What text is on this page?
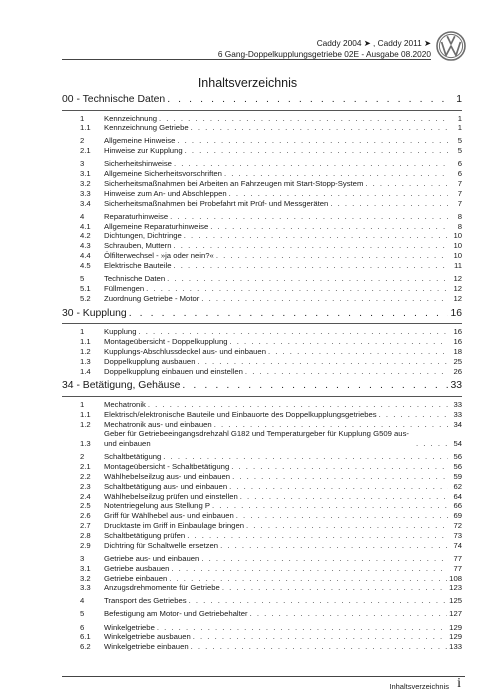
Caddy 2004 ➤ , Caddy 2011 ➤
6 Gang-Doppelkupplungsgetriebe 02E - Ausgabe 08.2020
Inhaltsverzeichnis
00 - Technische Daten . . .	1
1	Kennzeichnung . . .	1
1.1	Kennzeichnung Getriebe . . .	1
2	Allgemeine Hinweise . . .	5
2.1	Hinweise zur Kupplung . . .	5
3	Sicherheitshinweise . . .	6
3.1	Allgemeine Sicherheitsvorschriften . . .	6
3.2	Sicherheitsmaßnahmen bei Arbeiten an Fahrzeugen mit Start-Stopp-System . . .	7
3.3	Hinweise zum An- und Abschleppen . . .	7
3.4	Sicherheitsmaßnahmen bei Probefahrt mit Prüf- und Messgeräten . . .	7
4	Reparaturhinweise . . .	8
4.1	Allgemeine Reparaturhinweise . . .	8
4.2	Dichtungen, Dichtringe . . .	10
4.3	Schrauben, Muttern . . .	10
4.4	Ölfilterwechsel - »ja oder nein?« . . .	10
4.5	Elektrische Bauteile . . .	11
5	Technische Daten . . .	12
5.1	Füllmengen . . .	12
5.2	Zuordnung Getriebe - Motor . . .	12
30 - Kupplung . . .	16
1	Kupplung . . .	16
1.1	Montageübersicht - Doppelkupplung . . .	16
1.2	Kupplungs-Abschlussdeckel aus- und einbauen . . .	18
1.3	Doppelkupplung ausbauen . . .	25
1.4	Doppelkupplung einbauen und einstellen . . .	26
34 - Betätigung, Gehäuse . . .	33
1	Mechatronik . . .	33
1.1	Elektrisch/elektronische Bauteile und Einbauorte des Doppelkupplungsgetriebes . . .	33
1.2	Mechatronik aus- und einbauen . . .	34
1.3
Geber für Getriebeeingangsdrehzahl G182 und Temperaturgeber für Kupplung G509 aus- und einbauen . . .	54
2	Schaltbetätigung . . .	56
2.1	Montageübersicht - Schaltbetätigung . . .	56
2.2	Wählhebelseilzug aus- und einbauen . . .	59
2.3	Schaltbetätigung aus- und einbauen . . .	62
2.4	Wählhebelseilzug prüfen und einstellen . . .	64
2.5	Notentriegelung aus Stellung P . . .	66
2.6	Griff für Wählhebel aus- und einbauen . . .	69
2.7	Drucktaste im Griff in Einbaulage bringen . . .	72
2.8	Schaltbetätigung prüfen . . .	73
2.9	Dichtring für Schaltwelle ersetzen . . .	74
3	Getriebe aus- und einbauen . . .	77
3.1	Getriebe ausbauen . . .	77
3.2	Getriebe einbauen . . .	108
3.3	Anzugsdrehmomente für Getriebe . . .	123
4	Transport des Getriebes . . .	125
5	Befestigung am Motor- und Getriebehalter . . .	127
6	Winkelgetriebe . . .	129
6.1	Winkelgetriebe ausbauen . . .	129
6.2	Winkelgetriebe einbauen . . .	133
Inhaltsverzeichnis i
